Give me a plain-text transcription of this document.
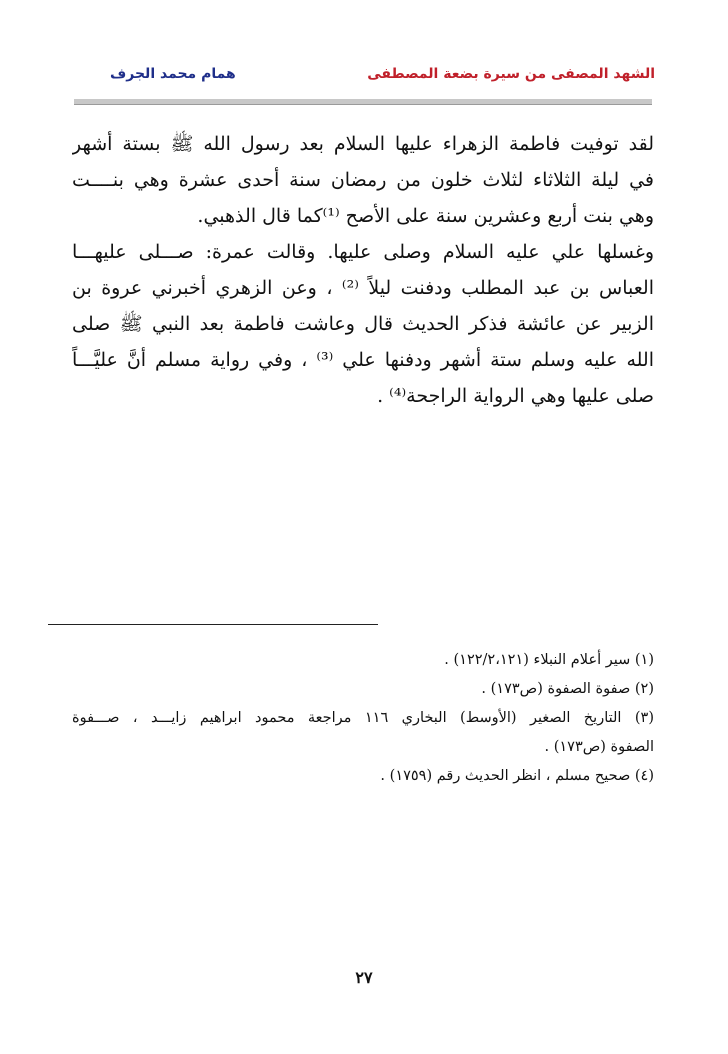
الشهد المصفى من سيرة بضعة المصطفى
همام محمد الجرف
لقد توفيت فاطمة الزهراء عليها السلام بعد رسول الله ﷺ بستة أشهر
في ليلة الثلاثاء لثلاث خلون من رمضان سنة أحدى عشرة وهي بنــــت
وهي بنت أربع وعشرين سنة على الأصح ⁽¹⁾كما قال الذهبي.
وغسلها علي عليه السلام وصلى عليها. وقالت عمرة: صـــلى عليهـــا
العباس بن عبد المطلب ودفنت ليلاً ⁽²⁾ ، وعن الزهري أخبرني عروة بن
الزبير عن عائشة فذكر الحديث قال وعاشت فاطمة بعد النبي ﷺ صلى
الله عليه وسلم ستة أشهر ودفنها علي ⁽³⁾ ، وفي رواية مسلم أنَّ عليَّـــاً
صلى عليها وهي الرواية الراجحة⁽⁴⁾ .
(١) سير أعلام النبلاء (١٢٢/٢،١٢١) .
(٢) صفوة الصفوة (ص١٧٣) .
(٣) التاريخ الصغير (الأوسط) البخاري ١١٦ مراجعة محمود ابراهيم زايـــد ، صـــفوة
الصفوة (ص١٧٣) .
(٤) صحيح مسلم ، انظر الحديث رقم (١٧٥٩) .
٢٧
